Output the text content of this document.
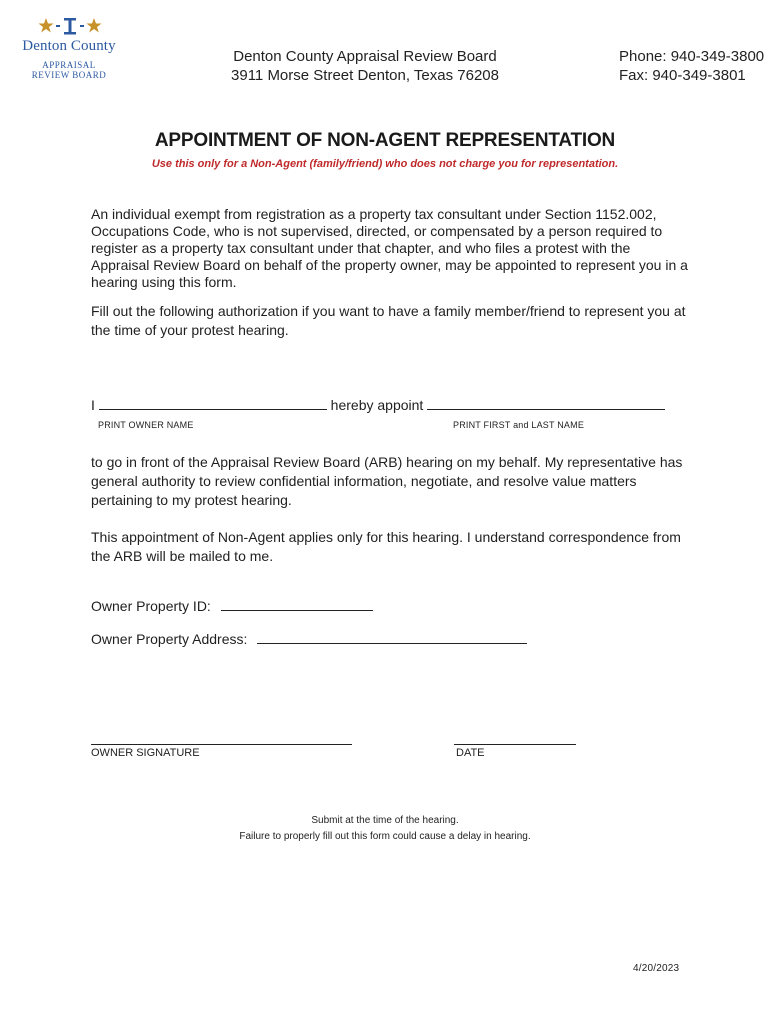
Denton County
APPRAISAL
REVIEW BOARD
Denton County Appraisal Review Board
3911 Morse Street Denton, Texas 76208
Phone: 940-349-3800
Fax: 940-349-3801
APPOINTMENT OF NON-AGENT REPRESENTATION
Use this only for a Non-Agent (family/friend) who does not charge you for representation.
An individual exempt from registration as a property tax consultant under Section 1152.002, Occupations Code, who is not supervised, directed, or compensated by a person required to register as a property tax consultant under that chapter, and who files a protest with the Appraisal Review Board on behalf of the property owner, may be appointed to represent you in a hearing using this form.
Fill out the following authorization if you want to have a family member/friend to represent you at the time of your protest hearing.
I	hereby appoint
PRINT OWNER NAME	PRINT FIRST and LAST NAME
to go in front of the Appraisal Review Board (ARB) hearing on my behalf. My representative has general authority to review confidential information, negotiate, and resolve value matters pertaining to my protest hearing.
This appointment of Non-Agent applies only for this hearing. I understand correspondence from the ARB will be mailed to me.
Owner Property ID:
Owner Property Address:
OWNER SIGNATURE	DATE
Submit at the time of the hearing.
Failure to properly fill out this form could cause a delay in hearing.
4/20/2023
